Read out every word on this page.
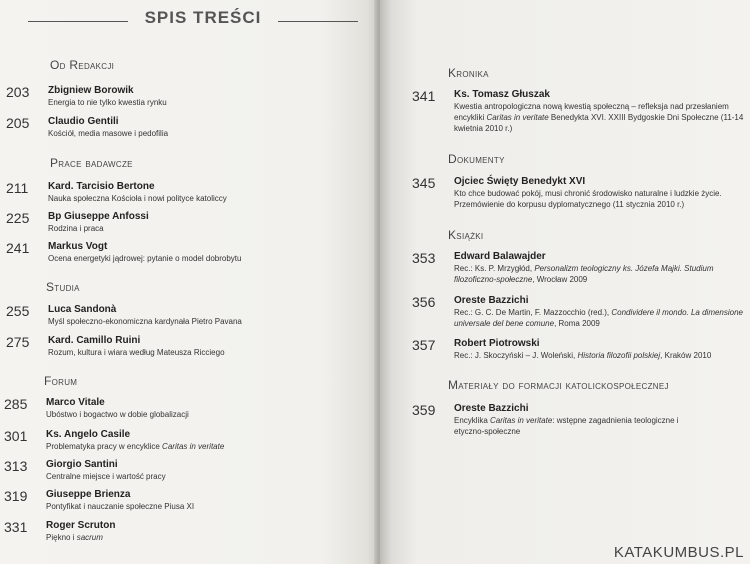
SPIS TREŚCI
Od Redakcji
203	Zbigniew Borowik
Energia to nie tylko kwestia rynku
205	Claudio Gentili
Kościół, media masowe i pedofilia
Prace badawcze
211	Kard. Tarcisio Bertone
Nauka społeczna Kościoła i nowi polityce katoliccy
225	Bp Giuseppe Anfossi
Rodzina i praca
241	Markus Vogt
Ocena energetyki jądrowej: pytanie o model dobrobytu
Studia
255	Luca Sandonà
Myśl społeczno-ekonomiczna kardynała Pietro Pavana
275	Kard. Camillo Ruini
Rozum, kultura i wiara według Mateusza Ricciego
Forum
285	Marco Vitale
Ubóstwo i bogactwo w dobie globalizacji
301	Ks. Angelo Casile
Problematyka pracy w encyklice Caritas in veritate
313	Giorgio Santini
Centralne miejsce i wartość pracy
319	Giuseppe Brienza
Pontyfikat i nauczanie społeczne Piusa XI
331	Roger Scruton
Piękno i sacrum
Kronika
341	Ks. Tomasz Głuszak
Kwestia antropologiczna nową kwestią społeczną – refleksja nad przesłaniem encykliki Caritas in veritate Benedykta XVI. XXIII Bydgoskie Dni Społeczne (11-14 kwietnia 2010 r.)
Dokumenty
345	Ojciec Święty Benedykt XVI
Kto chce budować pokój, musi chronić środowisko naturalne i ludzkie życie. Przemówienie do korpusu dyplomatycznego (11 stycznia 2010 r.)
Książki
353	Edward Balawajder
Rec.: Ks. P. Mrzygłód, Personalizm teologiczny ks. Józefa Majki. Studium filozoficzno-społeczne, Wrocław 2009
356	Oreste Bazzichi
Rec.: G. C. De Martin, F. Mazzocchio (red.), Condividere il mondo. La dimensione universale del bene comune, Roma 2009
357	Robert Piotrowski
Rec.: J. Skoczyński – J. Woleński, Historia filozofii polskiej, Kraków 2010
Materiały do formacji katolickospołecznej
359	Oreste Bazzichi
Encyklika Caritas in veritate: wstępne zagadnienia teologiczne i etyczno-społeczne
KATAKUMBUS.PL
